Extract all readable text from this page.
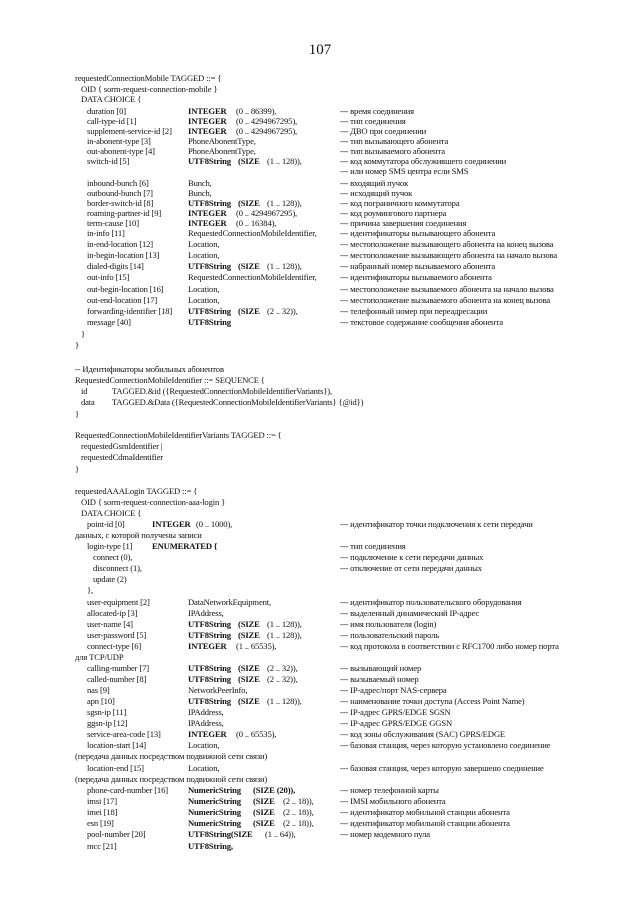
107
requestedConnectionMobile TAGGED ::= {
OID { sorm-request-connection-mobile }
DATA CHOICE {
duration [0]	INTEGER (0 .. 86399),	--- время соединения
call-type-id [1]	INTEGER (0 .. 4294967295),	--- тип соединения
supplement-service-id [2] INTEGER (0 .. 4294967295),	--- ДВО при соединении
in-abonent-type [3]	PhoneAbonentType,	--- тип вызывающего абонента
out-abonent-type [4]	PhoneAbonentType,	--- тип вызываемого абонента
switch-id [5]	UTF8String (SIZE (1 .. 128)),	--- код коммутатора обслужившего соединении
--- или номер SMS центра если SMS
inbound-bunch [6]	Bunch,	--- входящий пучок
outbound-bunch [7]	Bunch,	--- исходящий пучок
border-switch-id [8]	UTF8String (SIZE (1 .. 128)),	--- код пограничного коммутатора
roaming-partner-id [9]	INTEGER (0 .. 4294967295),	--- код роумингового партнера
term-cause [10]	INTEGER (0 .. 16384),	--- причина завершения соединения
in-info [11]	RequestedConnectionMobileIdentifier,	--- идентификаторы вызывающего абонента
in-end-location [12]	Location,	--- местоположение вызывающего абонента на конец вызова
in-begin-location [13]	Location,	--- местоположение вызывающего абонента на начало вызова
dialed-digits [14]	UTF8String (SIZE (1 .. 128)),	--- набранный номер вызываемого абонента
out-info [15]	RequestedConnectionMobileIdentifier,	--- идентификаторы вызываемого абонента
out-begin-location [16]	Location,	--- местоположение вызываемого абонента на начало вызова
out-end-location [17]	Location,	--- местоположение вызываемого абонента на конец вызова
forwarding-identifier [18] UTF8String (SIZE (2 .. 32)),	--- телефонный номер при переадресации
message [40]	UTF8String	--- текстовое содержание сообщения абонента
}
}
-- Идентификаторы мобильных абонентов
RequestedConnectionMobileIdentifier ::= SEQUENCE {
id	TAGGED.&id ({RequestedConnectionMobileIdentifierVariants}),
data TAGGED.&Data ({RequestedConnectionMobileIdentifierVariants} {@id})
}
RequestedConnectionMobileIdentifierVariants TAGGED ::= {
requestedGsmIdentifier |
requestedCdmaIdentifier
}
requestedAAALogin TAGGED ::= {
OID { sorm-request-connection-aaa-login }
DATA CHOICE {
point-id [0]	INTEGER (0 .. 1000),	--- идентификатор точки подключения к сети передачи
данных, с которой получены записи
login-type [1] ENUMERATED {	--- тип соединения
connect (0),	--- подключение к сети передачи данных
disconnect (1),	--- отключение от сети передачи данных
update (2)
},
user-equipment [2]	DataNetworkEquipment,	--- идентификатор пользовательского оборудования
allocated-ip [3]	IPAddress,	--- выделенный динамический IP-адрес
user-name [4]	UTF8String (SIZE (1 .. 128)),	--- имя пользователя (login)
user-password [5]	UTF8String (SIZE (1 .. 128)),	--- пользовательский пароль
connect-type [6]	INTEGER (1 .. 65535),	--- код протокола в соответствии с RFC1700 либо номер порта
для TCP/UDP
calling-number [7]	UTF8String (SIZE (2 .. 32)),	--- вызывающий номер
called-number [8]	UTF8String (SIZE (2 .. 32)),	--- вызываемый номер
nas [9]	NetworkPeerInfo,	--- IP-адрес/порт NAS-сервера
apn [10]	UTF8String (SIZE (1 .. 128)),	--- наименование точки доступа (Access Point Name)
sgsn-ip [11]	IPAddress,	--- IP-адрес GPRS/EDGE SGSN
ggsn-ip [12]	IPAddress,	--- IP-адрес GPRS/EDGE GGSN
service-area-code [13]	INTEGER (0 .. 65535),	--- код зоны обслуживания (SAC) GPRS/EDGE
location-start [14]	Location,	--- базовая станция, через которую установлено соединение
(передача данных посредством подвижной сети связи)
location-end [15]	Location,	--- базовая станция, через которую завершено соединение
(передача данных посредством подвижной сети связи)
phone-card-number [16] NumericString (SIZE (20)),	--- номер телефонной карты
imsi [17]	NumericString (SIZE (2 .. 18)),	--- IMSI мобильного абонента
imei [18]	NumericString (SIZE (2 .. 18)),	--- идентификатор мобильной станции абонента
esn [19]	NumericString (SIZE (2 .. 18)),	--- идентификатор мобильной станции абонента
pool-number [20]	UTF8String(SIZE (1 .. 64)),	--- номер модемного пула
mcc [21]	UTF8String,
